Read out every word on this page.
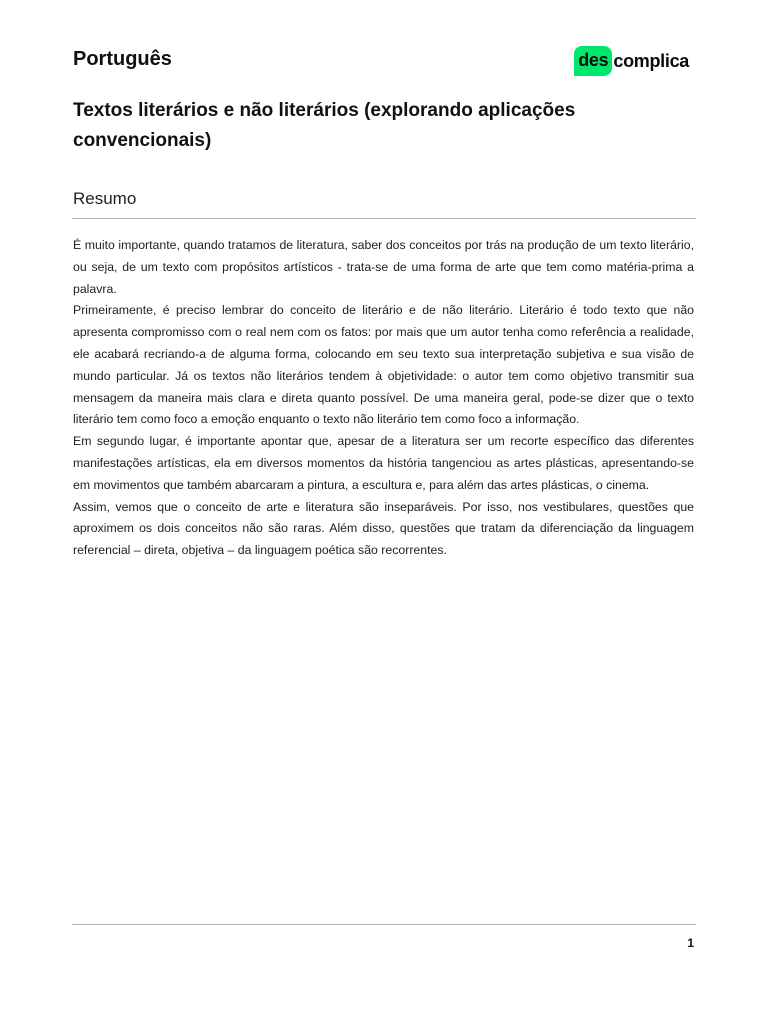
Português	des complica
Textos literários e não literários (explorando aplicações convencionais)
Resumo

É muito importante, quando tratamos de literatura, saber dos conceitos por trás na produção de um texto literário, ou seja, de um texto com propósitos artísticos - trata-se de uma forma de arte que tem como matéria-prima a palavra.

Primeiramente, é preciso lembrar do conceito de literário e de não literário. Literário é todo texto que não apresenta compromisso com o real nem com os fatos: por mais que um autor tenha como referência a realidade, ele acabará recriando-a de alguma forma, colocando em seu texto sua interpretação subjetiva e sua visão de mundo particular. Já os textos não literários tendem à objetividade: o autor tem como objetivo transmitir sua mensagem da maneira mais clara e direta quanto possível. De uma maneira geral, pode-se dizer que o texto literário tem como foco a emoção enquanto o texto não literário tem como foco a informação.

Em segundo lugar, é importante apontar que, apesar de a literatura ser um recorte específico das diferentes manifestações artísticas, ela em diversos momentos da história tangenciou as artes plásticas, apresentando-se em movimentos que também abarcaram a pintura, a escultura e, para além das artes plásticas, o cinema.

Assim, vemos que o conceito de arte e literatura são inseparáveis. Por isso, nos vestibulares, questões que aproximem os dois conceitos não são raras. Além disso, questões que tratam da diferenciação da linguagem referencial – direta, objetiva – da linguagem poética são recorrentes.

1
